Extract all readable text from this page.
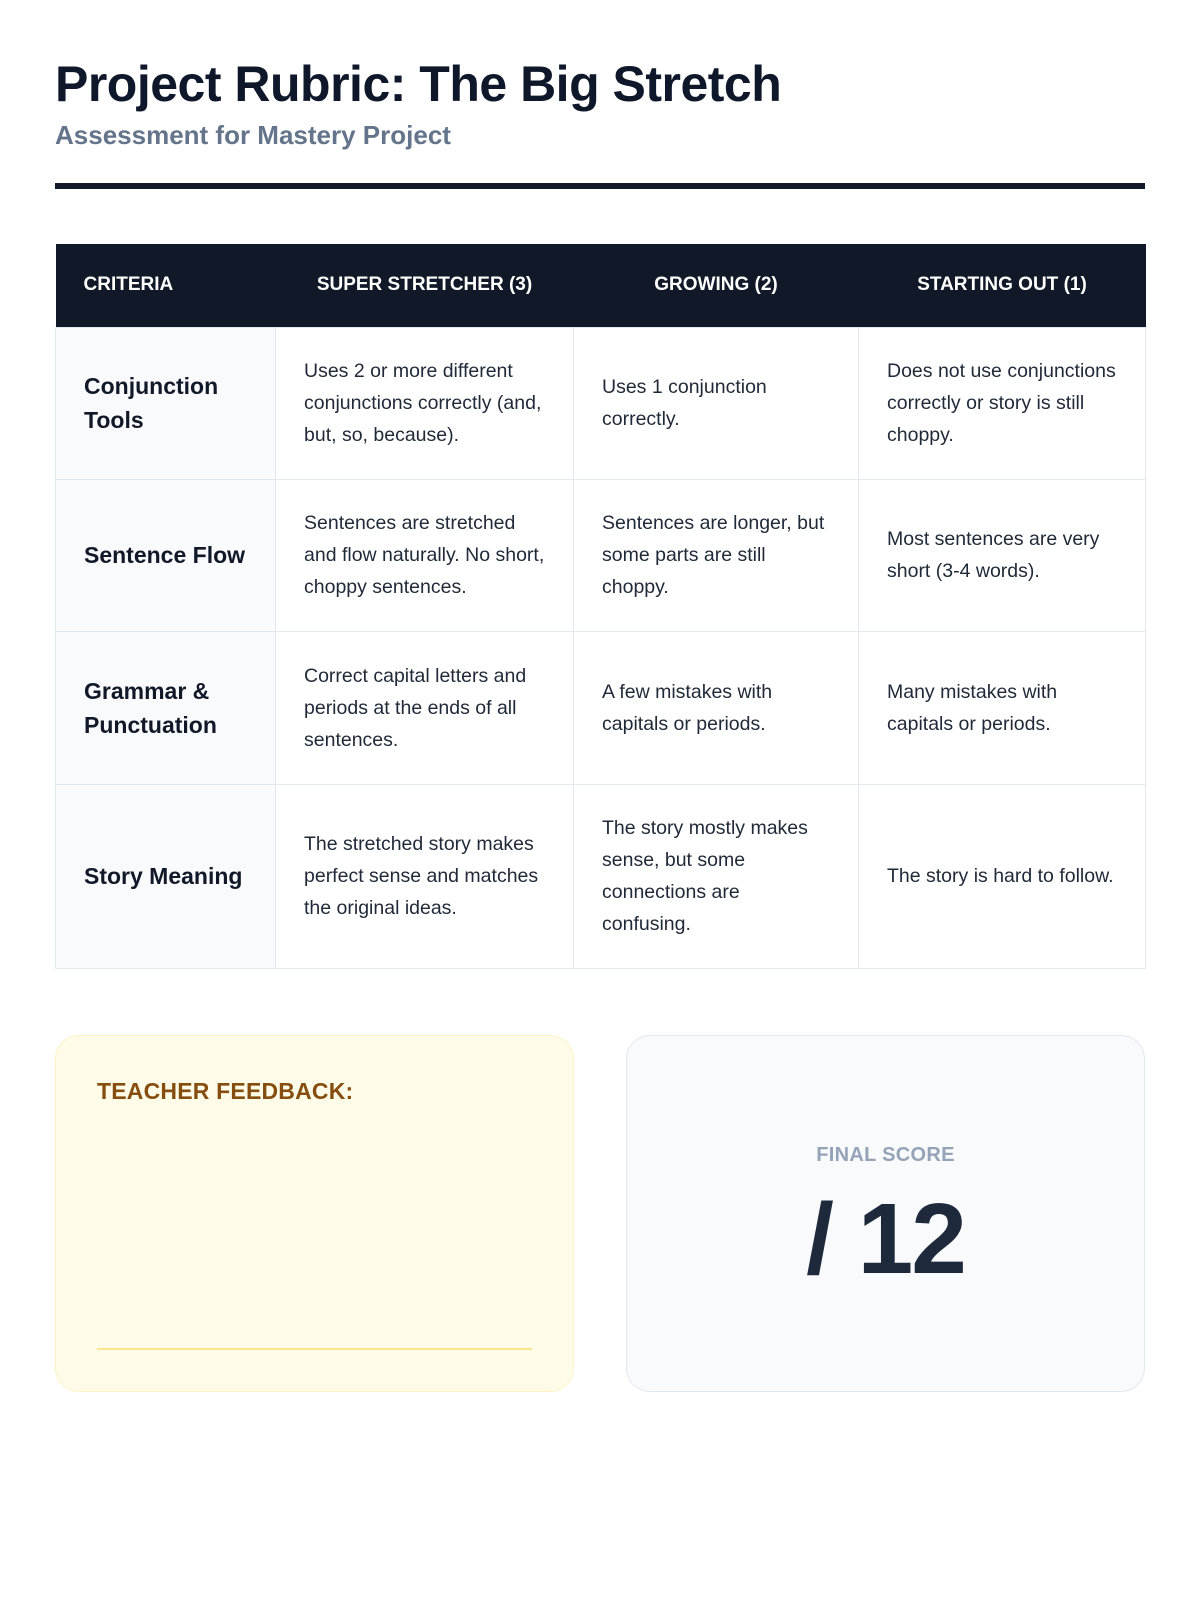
Project Rubric: The Big Stretch
Assessment for Mastery Project
CRITERIA	SUPER STRETCHER (3)	GROWING (2)	STARTING OUT (1)
Conjunction Tools	Uses 2 or more different conjunctions correctly (and, but, so, because).	Uses 1 conjunction correctly.	Does not use conjunctions correctly or story is still choppy.
Sentence Flow	Sentences are stretched and flow naturally. No short, choppy sentences.	Sentences are longer, but some parts are still choppy.	Most sentences are very short (3-4 words).
Grammar & Punctuation	Correct capital letters and periods at the ends of all sentences.	A few mistakes with capitals or periods.	Many mistakes with capitals or periods.
Story Meaning	The stretched story makes perfect sense and matches the original ideas.	The story mostly makes sense, but some connections are confusing.	The story is hard to follow.
TEACHER FEEDBACK:
FINAL SCORE
/ 12
